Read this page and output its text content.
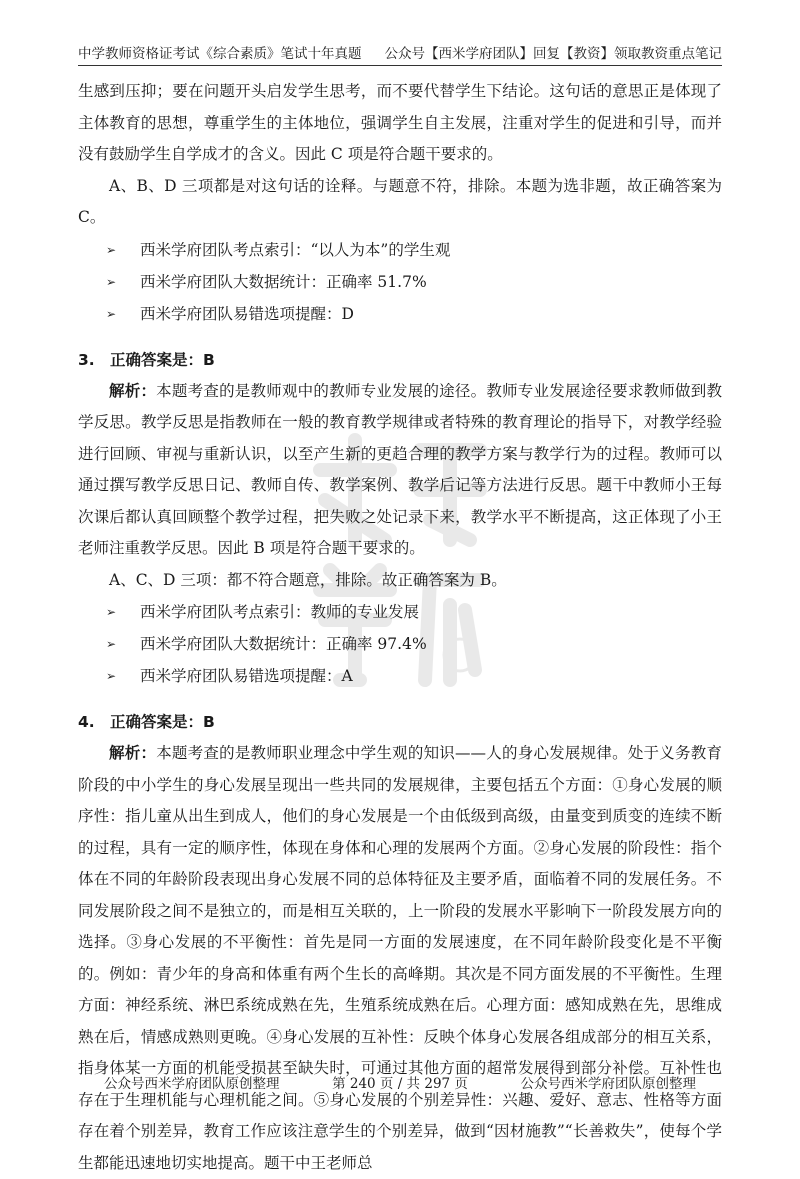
中学教师资格证考试《综合素质》笔试十年真题 公众号【西米学府团队】回复【教资】领取教资重点笔记

生感到压抑；要在问题开头启发学生思考，而不要代替学生下结论。这句话的意思正是体现了主体教育的思想，尊重学生的主体地位，强调学生自主发展，注重对学生的促进和引导，而并没有鼓励学生自学成才的含义。因此 C 项是符合题干要求的。

A、B、D 三项都是对这句话的诠释。与题意不符，排除。本题为选非题，故正确答案为 C。

➢ 西米学府团队考点索引：“以人为本”的学生观

➢ 西米学府团队大数据统计：正确率 51.7%

➢ 西米学府团队易错选项提醒：D

3. 正确答案是：B

解析：本题考查的是教师观中的教师专业发展的途径。教师专业发展途径要求教师做到教学反思。教学反思是指教师在一般的教育教学规律或者特殊的教育理论的指导下，对教学经验进行回顾、审视与重新认识，以至产生新的更趋合理的教学方案与教学行为的过程。教师可以通过撰写教学反思日记、教师自传、教学案例、教学后记等方法进行反思。题干中教师小王每次课后都认真回顾整个教学过程，把失败之处记录下来，教学水平不断提高，这正体现了小王老师注重教学反思。因此 B 项是符合题干要求的。

A、C、D 三项：都不符合题意，排除。故正确答案为 B。

➢ 西米学府团队考点索引：教师的专业发展

➢ 西米学府团队大数据统计：正确率 97.4%

➢ 西米学府团队易错选项提醒：A

4. 正确答案是：B

解析：本题考查的是教师职业理念中学生观的知识——人的身心发展规律。处于义务教育阶段的中小学生的身心发展呈现出一些共同的发展规律，主要包括五个方面：①身心发展的顺序性：指儿童从出生到成人，他们的身心发展是一个由低级到高级，由量变到质变的连续不断的过程，具有一定的顺序性，体现在身体和心理的发展两个方面。②身心发展的阶段性：指个体在不同的年龄阶段表现出身心发展不同的总体特征及主要矛盾，面临着不同的发展任务。不同发展阶段之间不是独立的，而是相互关联的，上一阶段的发展水平影响下一阶段发展方向的选择。③身心发展的不平衡性：首先是同一方面的发展速度，在不同年龄阶段变化是不平衡的。例如：青少年的身高和体重有两个生长的高峰期。其次是不同方面发展的不平衡性。生理方面：神经系统、淋巴系统成熟在先，生殖系统成熟在后。心理方面：感知成熟在先，思维成熟在后，情感成熟则更晚。④身心发展的互补性：反映个体身心发展各组成部分的相互关系，指身体某一方面的机能受损甚至缺失时，可通过其他方面的超常发展得到部分补偿。互补性也存在于生理机能与心理机能之间。⑤身心发展的个别差异性：兴趣、爱好、意志、性格等方面存在着个别差异，教育工作应该注意学生的个别差异，做到“因材施教”“长善救失”，使每个学生都能迅速地切实地提高。题干中王老师总

公众号西米学府团队原创整理	第 240 页 / 共 297 页	公众号西米学府团队原创整理
